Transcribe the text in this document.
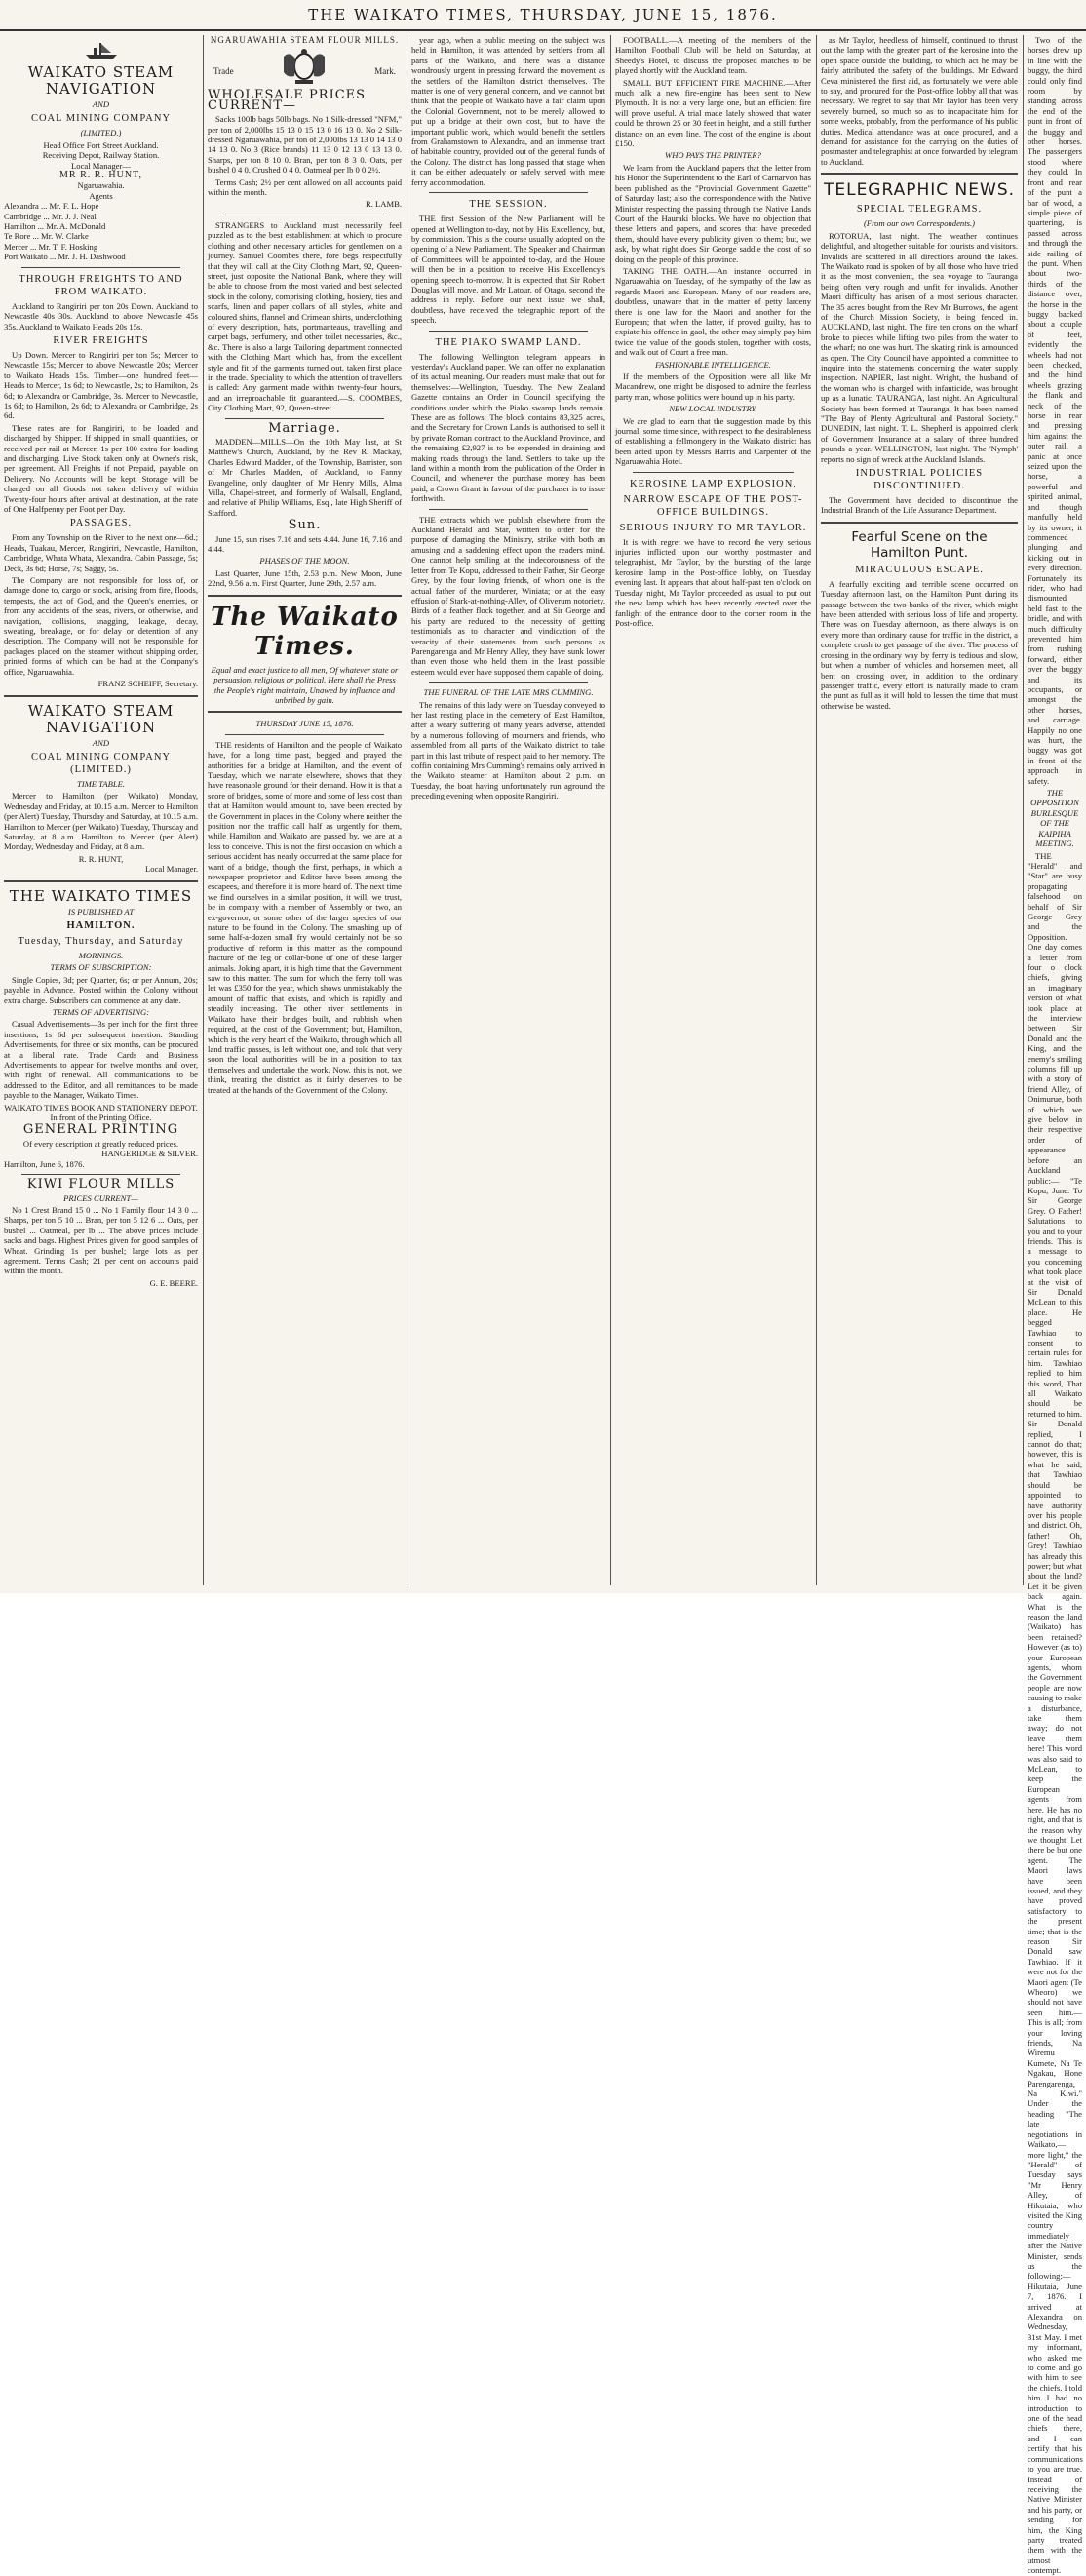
THE WAIKATO TIMES, THURSDAY, JUNE 15, 1876.
WAIKATO STEAM NAVIGATION
AND
COAL MINING COMPANY
(LIMITED.)
Head Office Fort Street Auckland.
Receiving Depot, Railway Station.
Local Manager—
MR R. R. HUNT,
Ngaruawahia.
Agents
Alexandra ... Mr. F. L. Hope
Cambridge ... Mr. J. J. Neal
Hamilton ... Mr. A. McDonald
Te Rore ... Mr. W. Clarke
Mercer ... Mr. T. F. Hosking
Port Waikato ... Mr. J. H. Dashwood
THROUGH FREIGHTS TO AND FROM WAIKATO.

Auckland to Rangiriri per ton 20s Down. Auckland to Newcastle 40s 30s. Auckland to above Newcastle 45s 35s. Auckland to Waikato Heads 20s 15s.

RIVER FREIGHTS

Up Down. Mercer to Rangiriri per ton 5s; Mercer to Newcastle 15s; Mercer to above Newcastle 20s; Mercer to Waikato Heads 15s. Timber—one hundred feet—Heads to Mercer, 1s 6d; to Newcastle, 2s; to Hamilton, 2s 6d; to Alexandra or Cambridge, 3s. Mercer to Newcastle, 1s 6d; to Hamilton, 2s 6d; to Alexandra or Cambridge, 2s 6d.

These rates are for Rangiriri, to be loaded and discharged by Shipper. If shipped in small quantities, or received per rail at Mercer, 1s per 100 extra for loading and discharging. Live Stock taken only at Owner's risk, per agreement. All Freights if not Prepaid, payable on Delivery. No Accounts will be kept. Storage will be charged on all Goods not taken delivery of within Twenty-four hours after arrival at destination, at the rate of One Halfpenny per Foot per Day.

PASSAGES.

From any Township on the River to the next one—6d.; Heads, Tuakau, Mercer, Rangiriri, Newcastle, Hamilton, Cambridge, Whata Whata, Alexandra. Cabin Passage, 5s; Deck, 3s 6d; Horse, 7s; Saggy, 5s.

The Company are not responsible for loss of, or damage done to, cargo or stock, arising from fire, floods, tempests, the act of God, and the Queen's enemies, or from any accidents of the seas, rivers, or otherwise, and navigation, collisions, snagging, leakage, decay, sweating, breakage, or for delay or detention of any description. The Company will not be responsible for packages placed on the steamer without shipping order, printed forms of which can be had at the Company's office, Ngaruawahia.

FRANZ SCHEIFF, Secretary.
WAIKATO STEAM NAVIGATION
AND
COAL MINING COMPANY (LIMITED.)
TIME TABLE.

Mercer to Hamilton (per Waikato) Monday, Wednesday and Friday, at 10.15 a.m. Mercer to Hamilton (per Alert) Tuesday, Thursday and Saturday, at 10.15 a.m. Hamilton to Mercer (per Waikato) Tuesday, Thursday and Saturday, at 8 a.m. Hamilton to Mercer (per Alert) Monday, Wednesday and Friday, at 8 a.m.

R. R. HUNT,
Local Manager.
THE WAIKATO TIMES
IS PUBLISHED AT
HAMILTON.
Tuesday, Thursday, and Saturday
MORNINGS.
TERMS OF SUBSCRIPTION:

Single Copies, 3d; per Quarter, 6s; or per Annum, 20s; payable in Advance. Posted within the Colony without extra charge. Subscribers can commence at any date.

TERMS OF ADVERTISING:

Casual Advertisements—3s per inch for the first three insertions, 1s 6d per subsequent insertion. Standing Advertisements, for three or six months, can be procured at a liberal rate. Trade Cards and Business Advertisements to appear for twelve months and over, with right of renewal. All communications to be addressed to the Editor, and all remittances to be made payable to the Manager, Waikato Times.

WAIKATO TIMES BOOK AND STATIONERY DEPOT.
In front of the Printing Office.
GENERAL PRINTING
Of every description at greatly reduced prices.
HANGERIDGE & SILVER.
Hamilton, June 6, 1876.
KIWI FLOUR MILLS
PRICES CURRENT—

No 1 Crest Brand 15 0 ... No 1 Family flour 14 3 0 ... Sharps, per ton 5 10 ... Bran, per ton 5 12 6 ... Oats, per bushel ... Oatmeal, per lb ... The above prices include sacks and bags. Highest Prices given for good samples of Wheat. Grinding 1s per bushel; large lots as per agreement. Terms Cash; 21 per cent on accounts paid within the month.

G. E. BEERE.
NGARUAWAHIA STEAM FLOUR MILLS.
Trade	Mark.
WHOLESALE PRICES CURRENT—

Sacks 100lb bags 50lb bags. No 1 Silk-dressed "NFM," per ton of 2,000lbs 15 13 0 15 13 0 16 13 0. No 2 Silk-dressed Ngaruawahia, per ton of 2,000lbs 13 13 0 14 13 0 14 13 0. No 3 (Rice brands) 11 13 0 12 13 0 13 13 0. Sharps, per ton 8 10 0. Bran, per ton 8 3 0. Oats, per bushel 0 4 0. Crushed 0 4 0. Oatmeal per lb 0 0 2½.

Terms Cash; 2½ per cent allowed on all accounts paid within the month.

R. LAMB.

STRANGERS to Auckland must necessarily feel puzzled as to the best establishment at which to procure clothing and other necessary articles for gentlemen on a journey. Samuel Coombes there, fore begs respectfully that they will call at the City Clothing Mart, 92, Queen-street, just opposite the National Bank, where they will be able to choose from the most varied and best selected stock in the colony, comprising clothing, hosiery, ties and scarfs, linen and paper collars of all styles, white and coloured shirts, flannel and Crimean shirts, underclothing of every description, hats, portmanteaus, travelling and carpet bags, perfumery, and other toilet necessaries, &c., &c. There is also a large Tailoring department connected with the Clothing Mart, which has, from the excellent style and fit of the garments turned out, taken first place in the trade. Speciality to which the attention of travellers is called: Any garment made within twenty-four hours, and an irreproachable fit guaranteed.—S. COOMBES, City Clothing Mart, 92, Queen-street.

Marriage.

MADDEN—MILLS—On the 10th May last, at St Matthew's Church, Auckland, by the Rev R. Mackay, Charles Edward Madden, of the Township, Barrister, son of Mr Charles Madden, of Auckland, to Fanny Evangeline, only daughter of Mr Henry Mills, Alma Villa, Chapel-street, and formerly of Walsall, England, and relative of Philip Williams, Esq., late High Sheriff of Stafford.

Sun.

June 15, sun rises 7.16 and sets 4.44. June 16, 7.16 and 4.44.

PHASES OF THE MOON.

Last Quarter, June 15th, 2.53 p.m. New Moon, June 22nd, 9.56 a.m. First Quarter, June 29th, 2.57 a.m.

The Waikato Times.
Equal and exact justice to all men, Of whatever state or persuasion, religious or political. Here shall the Press the People's right maintain, Unawed by influence and unbribed by gain.
THURSDAY JUNE 15, 1876.

THE residents of Hamilton and the people of Waikato have, for a long time past, begged and prayed the authorities for a bridge at Hamilton, and the event of Tuesday, which we narrate elsewhere, shows that they have reasonable ground for their demand. How it is that a score of bridges, some of more and some of less cost than that at Hamilton would amount to, have been erected by the Government in places in the Colony where neither the position nor the traffic call half as urgently for them, while Hamilton and Waikato are passed by, we are at a loss to conceive. This is not the first occasion on which a serious accident has nearly occurred at the same place for want of a bridge, though the first, perhaps, in which a newspaper proprietor and Editor have been among the escapees, and therefore it is more heard of. The next time we find ourselves in a similar position, it will, we trust, be in company with a member of Assembly or two, an ex-governor, or some other of the larger species of our nature to be found in the Colony. The smashing up of some half-a-dozen small fry would certainly not be so productive of reform in this matter as the compound fracture of the leg or collar-bone of one of these larger animals. Joking apart, it is high time that the Government saw to this matter. The sum for which the ferry toll was let was £350 for the year, which shows unmistakably the amount of traffic that exists, and which is rapidly and steadily increasing. The other river settlements in Waikato have their bridges built, and rubbish when required, at the cost of the Government; but, Hamilton, which is the very heart of the Waikato, through which all land traffic passes, is left without one, and told that very soon the local authorities will be in a position to tax themselves and undertake the work. Now, this is not, we think, treating the district as it fairly deserves to be treated at the hands of the Government of the Colony.

year ago, when a public meeting on the subject was held in Hamilton, it was attended by settlers from all parts of the Waikato, and there was a distance wondrously urgent in pressing forward the movement as the settlers of the Hamilton district themselves. The matter is one of very general concern, and we cannot but think that the people of Waikato have a fair claim upon the Colonial Government, not to be merely allowed to put up a bridge at their own cost, but to have the important public work, which would benefit the settlers from Grahamstown to Alexandra, and an immense tract of habitable country, provided out of the general funds of the Colony. The district has long passed that stage when it can be either adequately or safely served with mere ferry accommodation.

THE SESSION.

THE first Session of the New Parliament will be opened at Wellington to-day, not by His Excellency, but, by commission. This is the course usually adopted on the opening of a New Parliament. The Speaker and Chairman of Committees will be appointed to-day, and the House will then be in a position to receive His Excellency's opening speech to-morrow. It is expected that Sir Robert Douglas will move, and Mr Latour, of Otago, second the address in reply. Before our next issue we shall, doubtless, have received the telegraphic report of the speech.

THE PIAKO SWAMP LAND.

The following Wellington telegram appears in yesterday's Auckland paper. We can offer no explanation of its actual meaning. Our readers must make that out for themselves:—Wellington, Tuesday. The New Zealand Gazette contains an Order in Council specifying the conditions under which the Piako swamp lands remain. These are as follows: The block contains 83,325 acres, and the Secretary for Crown Lands is authorised to sell it by private Roman contract to the Auckland Province, and the remaining £2,927 is to be expended in draining and making roads through the land. Settlers to take up the land within a month from the publication of the Order in Council, and whenever the purchase money has been paid, a Crown Grant in favour of the purchaser is to issue forthwith.

THE extracts which we publish elsewhere from the Auckland Herald and Star, written to order for the purpose of damaging the Ministry, strike with both an amusing and a saddening effect upon the readers mind. One cannot help smiling at the indecorousness of the letter from Te Kopu, addressed to their Father, Sir George Grey, by the four loving friends, of whom one is the actual father of the murderer, Winiata; or at the easy effusion of Stark-at-nothing-Alley, of Oliverum notoriety. Birds of a feather flock together, and at Sir George and his party are reduced to the necessity of getting testimonials as to character and vindication of the veracity of their statements from such persons as Parengarenga and Mr Henry Alley, they have sunk lower than even those who held them in the least possible esteem would ever have supposed them capable of doing.

THE FUNERAL OF THE LATE MRS CUMMING.

The remains of this lady were on Tuesday conveyed to her last resting place in the cemetery of East Hamilton, after a weary suffering of many years adverse, attended by a numerous following of mourners and friends, who assembled from all parts of the Waikato district to take part in this last tribute of respect paid to her memory. The coffin containing Mrs Cumming's remains only arrived in the Waikato steamer at Hamilton about 2 p.m. on Tuesday, the boat having unfortunately run aground the preceding evening when opposite Rangiriri.

FOOTBALL.—A meeting of the members of the Hamilton Football Club will be held on Saturday, at Sheedy's Hotel, to discuss the proposed matches to be played shortly with the Auckland team.

SMALL BUT EFFICIENT FIRE MACHINE.—After much talk a new fire-engine has been sent to New Plymouth. It is not a very large one, but an efficient fire will prove useful. A trial made lately showed that water could be thrown 25 or 30 feet in height, and a still further distance on an even line. The cost of the engine is about £150.

WHO PAYS THE PRINTER?

We learn from the Auckland papers that the letter from his Honor the Superintendent to the Earl of Carnarvon has been published as the "Provincial Government Gazette" of Saturday last; also the correspondence with the Native Minister respecting the passing through the Native Lands Court of the Hauraki blocks. We have no objection that these letters and papers, and scores that have preceded them, should have every publicity given to them; but, we ask, by what right does Sir George saddle the cost of so doing on the people of this province.

TAKING THE OATH.—An instance occurred in Ngaruawahia on Tuesday, of the sympathy of the law as regards Maori and European. Many of our readers are, doubtless, unaware that in the matter of petty larceny there is one law for the Maori and another for the European; that when the latter, if proved guilty, has to expiate his offence in gaol, the other may simply pay him twice the value of the goods stolen, together with costs, and walk out of Court a free man.

FASHIONABLE INTELLIGENCE.

If the members of the Opposition were all like Mr Macandrew, one might be disposed to admire the fearless party man, whose politics were bound up in his party.

NEW LOCAL INDUSTRY.

We are glad to learn that the suggestion made by this journal, some time since, with respect to the desirableness of establishing a fellmongery in the Waikato district has been acted upon by Messrs Harris and Carpenter of the Ngaruawahia Hotel.

KEROSINE LAMP EXPLOSION.
NARROW ESCAPE OF THE POST-OFFICE BUILDINGS.
SERIOUS INJURY TO MR TAYLOR.

It is with regret we have to record the very serious injuries inflicted upon our worthy postmaster and telegraphist, Mr Taylor, by the bursting of the large kerosine lamp in the Post-office lobby, on Tuesday evening last. It appears that about half-past ten o'clock on Tuesday night, Mr Taylor proceeded as usual to put out the new lamp which has been recently erected over the fanlight of the entrance door to the corner room in the Post-office.

as Mr Taylor, heedless of himself, continued to thrust out the lamp with the greater part of the kerosine into the open space outside the building, to which act he may be fairly attributed the safety of the buildings. Mr Edward Ceva ministered the first aid, as fortunately we were able to say, and procured for the Post-office lobby all that was necessary. We regret to say that Mr Taylor has been very severely burned, so much so as to incapacitate him for some weeks, probably, from the performance of his public duties. Medical attendance was at once procured, and a demand for assistance for the carrying on the duties of postmaster and telegraphist at once forwarded by telegram to Auckland.

TELEGRAPHIC NEWS.
SPECIAL TELEGRAMS.
(From our own Correspondents.)

ROTORUA, last night. The weather continues delightful, and altogether suitable for tourists and visitors. Invalids are scattered in all directions around the lakes. The Waikato road is spoken of by all those who have tried it as the most convenient, the sea voyage to Tauranga being often very rough and unfit for invalids. Another Maori difficulty has arisen of a most serious character. The 35 acres bought from the Rev Mr Burrows, the agent of the Church Mission Society, is being fenced in. AUCKLAND, last night. The fire ten crons on the wharf broke to pieces while lifting two piles from the water to the wharf; no one was hurt. The skating rink is announced as open. The City Council have appointed a committee to inquire into the statements concerning the water supply inspection. NAPIER, last night. Wright, the husband of the woman who is charged with infanticide, was brought up as a lunatic. TAURANGA, last night. An Agricultural Society has been formed at Tauranga. It has been named "The Bay of Plenty Agricultural and Pastoral Society." DUNEDIN, last night. T. L. Shepherd is appointed clerk of Government Insurance at a salary of three hundred pounds a year. WELLINGTON, last night. The 'Nymph' reports no sign of wreck at the Auckland Islands.

INDUSTRIAL POLICIES DISCONTINUED.

The Government have decided to discontinue the Industrial Branch of the Life Assurance Department.

Fearful Scene on the Hamilton Punt.
MIRACULOUS ESCAPE.

A fearfully exciting and terrible scene occurred on Tuesday afternoon last, on the Hamilton Punt during its passage between the two banks of the river, which might have been attended with serious loss of life and property. There was on Tuesday afternoon, as there always is on every more than ordinary cause for traffic in the district, a complete crush to get passage of the river. The process of crossing in the ordinary way by ferry is tedious and slow, but when a number of vehicles and horsemen meet, all bent on crossing over, in addition to the ordinary passenger traffic, every effort is naturally made to cram the punt as full as it will hold to lessen the time that must otherwise be wasted.

Two of the horses drew up in line with the buggy, the third could only find room by standing across the end of the punt in front of the buggy and other horses. The passengers stood where they could. In front and rear of the punt a bar of wood, a simple piece of quartering, is passed across and through the side railing of the punt. When about two-thirds of the distance over, the horse in the buggy backed about a couple of feet, evidently the wheels had not been checked, and the hind wheels grazing the flank and neck of the horse in rear and pressing him against the outer rail, a panic at once seized upon the horse, a powerful and spirited animal, and though manfully held by its owner, it commenced plunging and kicking out in every direction. Fortunately its rider, who had dismounted held fast to the bridle, and with much difficulty prevented him from rushing forward, either over the buggy and its occupants, or amongst the other horses, and carriage. Happily no one was hurt, the buggy was got in front of the approach in safety.

THE OPPOSITION BURLESQUE OF THE KAIPIHA MEETING.

THE "Herald" and "Star" are busy propagating falsehood on behalf of Sir George Grey and the Opposition. One day comes a letter from four o clock chiefs, giving an imaginary version of what took place at the interview between Sir Donald and the King, and the enemy's smiling columns fill up with a story of friend Alley, of Onimurue, both of which we give below in their respective order of appearance before an Auckland public:— "Te Kopu, June. To Sir George Grey. O Father! Salutations to you and to your friends. This is a message to you concerning what took place at the visit of Sir Donald McLean to this place. He begged Tawhiao to consent to certain rules for him. Tawhiao replied to him this word, That all Waikato should be returned to him. Sir Donald replied, I cannot do that; however, this is what he said, that Tawhiao should be appointed to have authority over his people and district. Oh, father! Oh, Grey! Tawhiao has already this power; but what about the land? Let it be given back again. What is the reason the land (Waikato) has been retained? However (as to) your European agents, whom the Government people are now causing to make a disturbance, take them away; do not leave them here! This word was also said to McLean, to keep the European agents from here. He has no right, and that is the reason why we thought. Let there be but one agent. The Maori laws have been issued, and they have proved satisfactory to the present time; that is the reason Sir Donald saw Tawhiao. If it were not for the Maori agent (Te Wheoro) we should not have seen him.—This is all; from your loving friends, Na Wiremu Kumete, Na Te Ngakau, Hone Parengarenga, Na Kiwi." Under the heading "The late negotiations in Waikato,—more light," the "Herald" of Tuesday says "Mr Henry Alley, of Hikutaia, who visited the King country immediately after the Native Minister, sends us the following:—Hikutaia, June 7, 1876. I arrived at Alexandra on Wednesday, 31st May. I met my informant, who asked me to come and go with him to see the chiefs. I told him I had no introduction to one of the head chiefs there, and I can certify that his communications to you are true. Instead of receiving the Native Minister and his party, or sending for him, the King party treated them with the utmost contempt.
